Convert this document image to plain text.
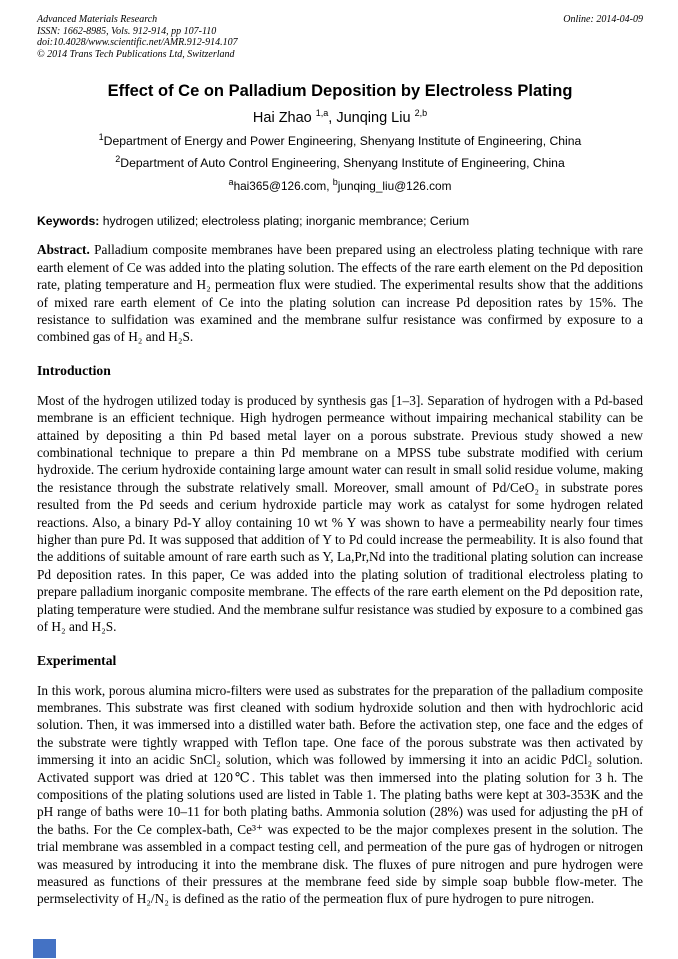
Advanced Materials Research
ISSN: 1662-8985, Vols. 912-914, pp 107-110
doi:10.4028/www.scientific.net/AMR.912-914.107
© 2014 Trans Tech Publications Ltd, Switzerland
Online: 2014-04-09
Effect of Ce on Palladium Deposition by Electroless Plating
Hai Zhao $^{1,a}$, Junqing Liu $^{2,b}$
$^1$Department of Energy and Power Engineering, Shenyang Institute of Engineering, China
$^2$Department of Auto Control Engineering, Shenyang Institute of Engineering, China
$^a$hai365@126.com, $^b$junqing_liu@126.com
Keywords: hydrogen utilized; electroless plating; inorganic membrance; Cerium

Abstract. Palladium composite membranes have been prepared using an electroless plating technique with rare earth element of Ce was added into the plating solution. The effects of the rare earth element on the Pd deposition rate, plating temperature and H₂ permeation flux were studied. The experimental results show that the additions of mixed rare earth element of Ce into the plating solution can increase Pd deposition rates by 15%. The resistance to sulfidation was examined and the membrane sulfur resistance was confirmed by exposure to a combined gas of H₂ and H₂S.

Introduction

Most of the hydrogen utilized today is produced by synthesis gas [1–3]. Separation of hydrogen with a Pd-based membrane is an efficient technique. High hydrogen permeance without impairing mechanical stability can be attained by depositing a thin Pd based metal layer on a porous substrate. Previous study showed a new combinational technique to prepare a thin Pd membrane on a MPSS tube substrate modified with cerium hydroxide. The cerium hydroxide containing large amount water can result in small solid residue volume, making the resistance through the substrate relatively small. Moreover, small amount of Pd/CeO₂ in substrate pores resulted from the Pd seeds and cerium hydroxide particle may work as catalyst for some hydrogen related reactions. Also, a binary Pd-Y alloy containing 10 wt % Y was shown to have a permeability nearly four times higher than pure Pd. It was supposed that addition of Y to Pd could increase the permeability. It is also found that the additions of suitable amount of rare earth such as Y, La,Pr,Nd into the traditional plating solution can increase Pd deposition rates. In this paper, Ce was added into the plating solution of traditional electroless plating to prepare palladium inorganic composite membrane. The effects of the rare earth element on the Pd deposition rate, plating temperature were studied. And the membrane sulfur resistance was studied by exposure to a combined gas of H₂ and H₂S.

Experimental

In this work, porous alumina micro-filters were used as substrates for the preparation of the palladium composite membranes. This substrate was first cleaned with sodium hydroxide solution and then with hydrochloric acid solution. Then, it was immersed into a distilled water bath. Before the activation step, one face and the edges of the substrate were tightly wrapped with Teflon tape. One face of the porous substrate was then activated by immersing it into an acidic SnCl₂ solution, which was followed by immersing it into an acidic PdCl₂ solution. Activated support was dried at 120℃. This tablet was then immersed into the plating solution for 3 h. The compositions of the plating solutions used are listed in Table 1. The plating baths were kept at 303-353K and the pH range of baths were 10–11 for both plating baths. Ammonia solution (28%) was used for adjusting the pH of the baths. For the Ce complex-bath, Ce³⁺ was expected to be the major complexes present in the solution. The trial membrane was assembled in a compact testing cell, and permeation of the pure gas of hydrogen or nitrogen was measured by introducing it into the membrane disk. The fluxes of pure nitrogen and pure hydrogen were measured as functions of their pressures at the membrane feed side by simple soap bubble flow-meter. The permselectivity of H₂/N₂ is defined as the ratio of the permeation flux of pure hydrogen to pure nitrogen.
